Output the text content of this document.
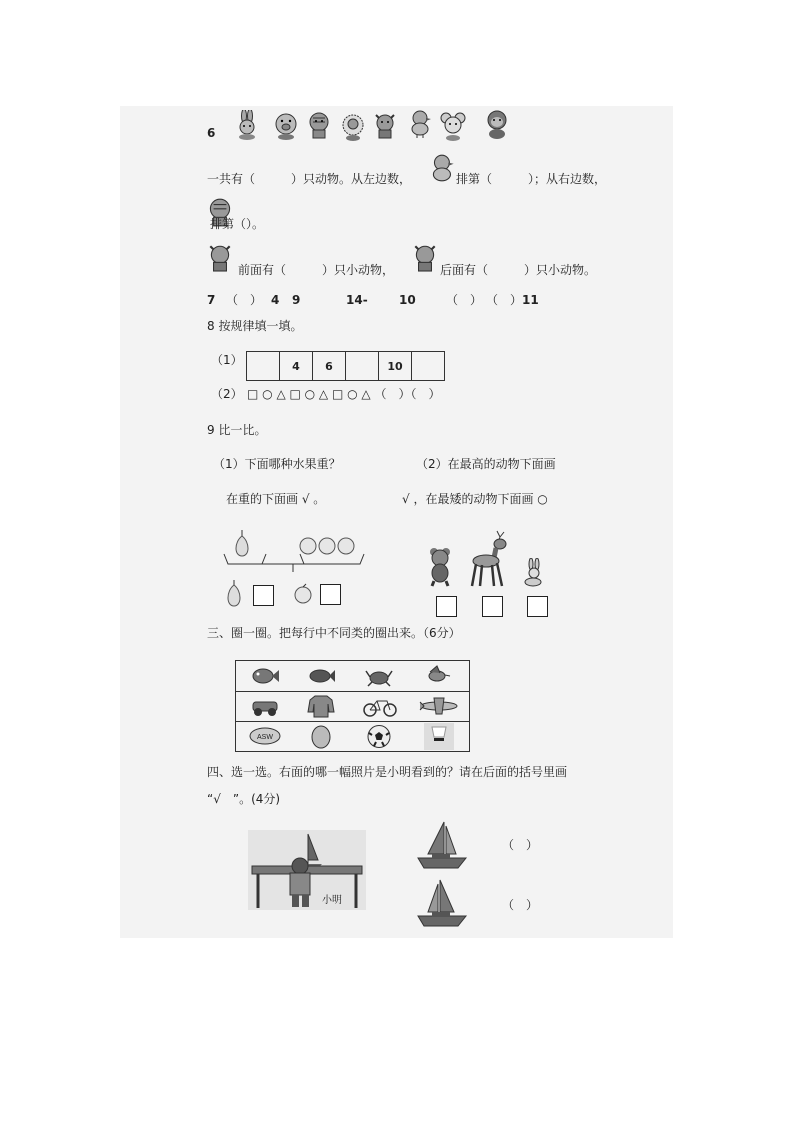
6
一共有（　　　）只动物。从左边数，	排第（　　　）；从右边数，
排第（）。
前面有（　　　）只小动物，	后面有（　　　）只小动物。
7 （　） 4 9	14-	10	（　） （　） 11
8 按规律填一填。
（1）	4	6	10
（2） □ ○ △ □ ○ △ □ ○ △ （　）（　）
9 比一比。
（1）下面哪种水果重？
在重的下面画 √ 。
（2）在最高的动物下面画
√ ，在最矮的动物下面画 ○
三、圈一圈。把每行中不同类的圈出来。（6分）
ASW
四、选一选。右面的哪一幅照片是小明看到的？请在后面的括号里画
“√　”。(4分)
小明
（　）
（　）
